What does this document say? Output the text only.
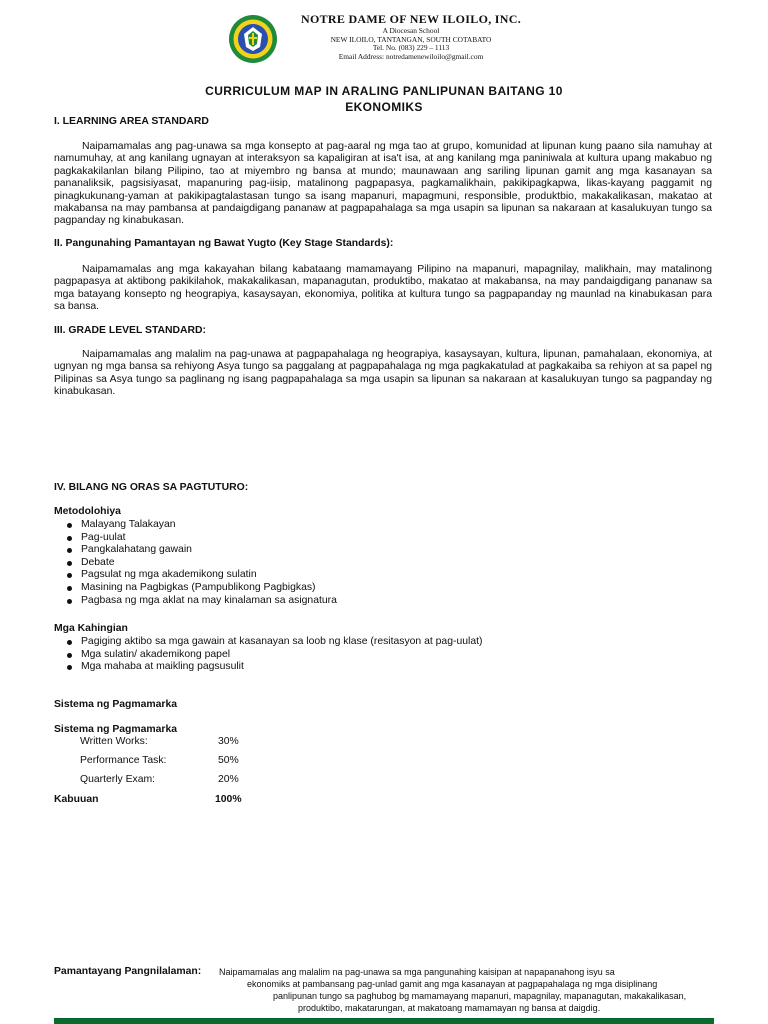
NOTRE DAME OF NEW ILOILO, INC.
A Diocesan School
NEW ILOILO, TANTANGAN, SOUTH COTABATO
Tel. No. (083) 229 – 1113
Email Address: notredamenewiloilo@gmail.com
CURRICULUM MAP IN ARALING PANLIPUNAN BAITANG 10
EKONOMIKS
I. LEARNING AREA STANDARD
Naipamamalas ang pag-unawa sa mga konsepto at pag-aaral ng mga tao at grupo, komunidad at lipunan kung paano sila namuhay at namumuhay, at ang kanilang ugnayan at interaksyon sa kapaligiran at isa't isa, at ang kanilang mga paniniwala at kultura upang makabuo ng pagkakakilanlan bilang Pilipino, tao at miyembro ng bansa at mundo; maunawaan ang sariling lipunan gamit ang mga kasanayan sa pananaliksik, pagsisiyasat, mapanuring pag-iisip, matalinong pagpapasya, pagkamalikhain, pakikipagkapwa, likas-kayang paggamit ng pinagkukunang-yaman at pakikipagtalastasan tungo sa isang mapanuri, mapagmuni, responsible, produktbio, makakalikasan, makatao at makabansa na may pambansa at pandaigdigang pananaw at pagpapahalaga sa mga usapin sa lipunan sa nakaraan at kasalukuyan tungo sa pagpanday ng kinabukasan.
II. Pangunahing Pamantayan ng Bawat Yugto (Key Stage Standards):
Naipamamalas ang mga kakayahan bilang kabataang mamamayang Pilipino na mapanuri, mapagnilay, malikhain, may matalinong pagpapasya at aktibong pakikilahok, makakalikasan, mapanagutan, produktibo, makatao at makabansa, na may pandaigdigang pananaw sa mga batayang konsepto ng heograpiya, kasaysayan, ekonomiya, politika at kultura tungo sa pagpapanday ng maunlad na kinabukasan para sa bansa.
III. GRADE LEVEL STANDARD:
Naipamamalas ang malalim na pag-unawa at pagpapahalaga ng heograpiya, kasaysayan, kultura, lipunan, pamahalaan, ekonomiya, at ugnyan ng mga bansa sa rehiyong Asya tungo sa paggalang at pagpapahalaga ng mga pagkakatulad at pagkakaiba sa rehiyon at sa papel ng Pilipinas sa Asya tungo sa paglinang ng isang pagpapahalaga sa mga usapin sa lipunan sa nakaraan at kasalukuyan tungo sa pagpanday ng kinabukasan.
IV. BILANG NG ORAS SA PAGTUTURO:
Metodolohiya
Malayang Talakayan
Pag-uulat
Pangkalahatang gawain
Debate
Pagsulat ng mga akademikong sulatin
Masining na Pagbigkas (Pampublikong Pagbigkas)
Pagbasa ng mga aklat na may kinalaman sa asignatura
Mga Kahingian
Pagiging aktibo sa mga gawain at kasanayan sa loob ng klase (resitasyon at pag-uulat)
Mga sulatin/ akademikong papel
Mga mahaba at maikling pagsusulit
Sistema ng Pagmamarka
Sistema ng Pagmamarka
Written Works:	30%
Performance Task:	50%
Quarterly Exam:	20%
Kabuuan	100%
Pamantayang Pangnilalaman: Naipamamalas ang malalim na pag-unawa sa mga pangunahing kaisipan at napapanahong isyu sa
ekonomiks at pambansang pag-unlad gamit ang mga kasanayan at pagpapahalaga ng mga disiplinang
panlipunan tungo sa paghubog bg mamamayang mapanuri, mapagnilay, mapanagutan, makakalikasan,
produktibo, makatarungan, at makatoang mamamayan ng bansa at daigdig.
